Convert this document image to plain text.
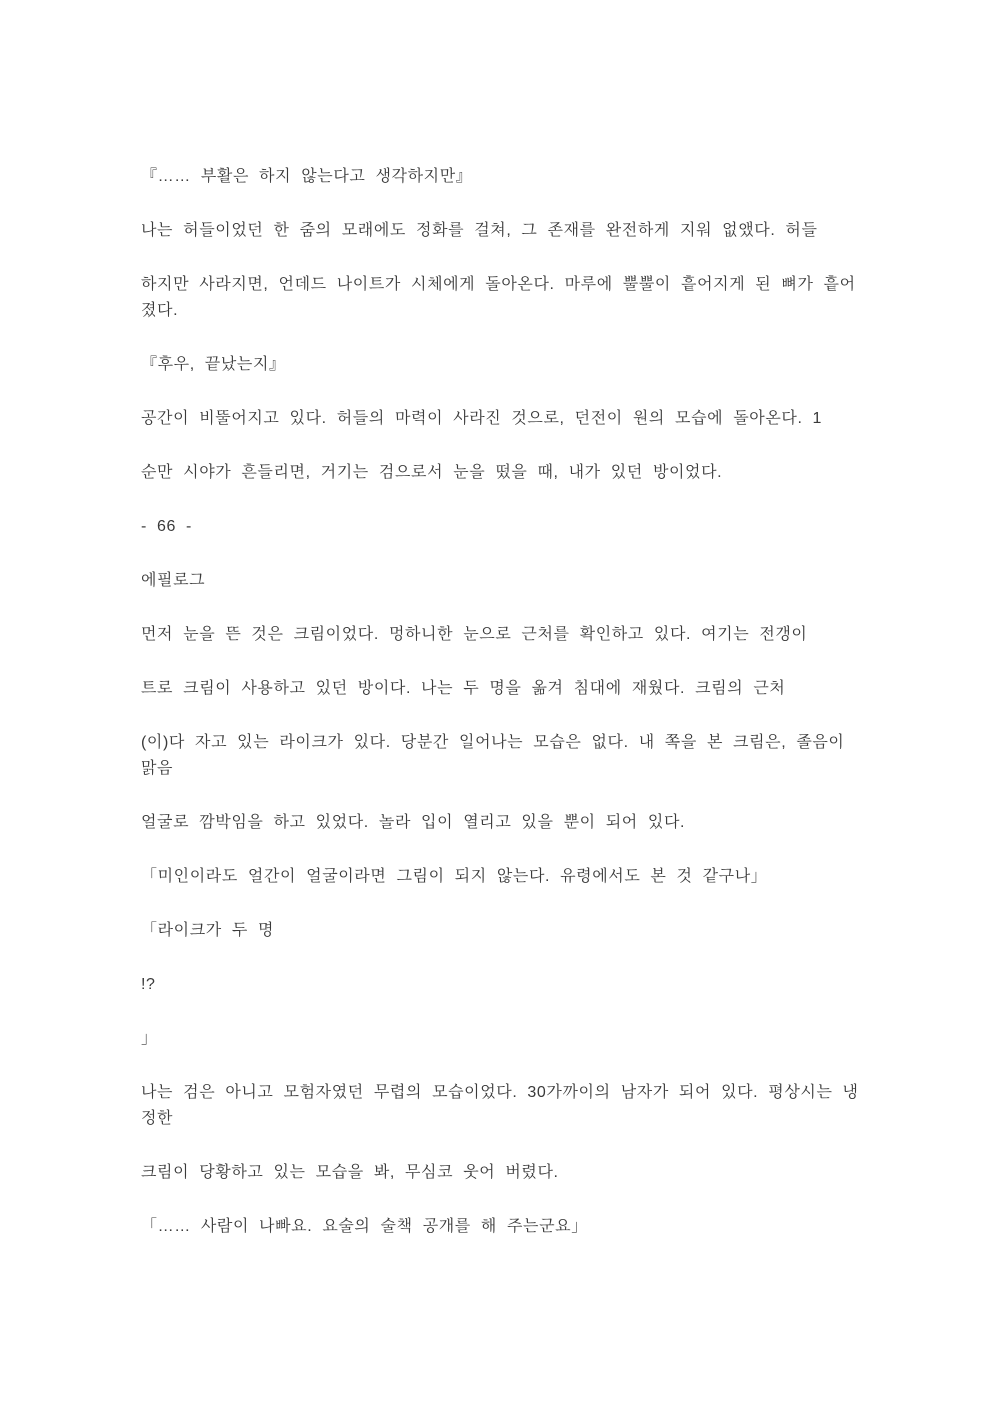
『…… 부활은 하지 않는다고 생각하지만』
나는 허들이었던 한 줌의 모래에도 정화를 걸쳐, 그 존재를 완전하게 지워 없앴다. 허들
하지만 사라지면, 언데드 나이트가 시체에게 돌아온다. 마루에 뿔뿔이 흩어지게 된 뼈가 흩어
졌다.
『후우, 끝났는지』
공간이 비뚤어지고 있다. 허들의 마력이 사라진 것으로, 던전이 원의 모습에 돌아온다. 1
순만 시야가 흔들리면, 거기는 검으로서 눈을 떴을 때, 내가 있던 방이었다.
- 66 -
에필로그
먼저 눈을 뜬 것은 크림이었다. 멍하니한 눈으로 근처를 확인하고 있다. 여기는 전갱이
트로 크림이 사용하고 있던 방이다. 나는 두 명을 옮겨 침대에 재웠다. 크림의 근처
(이)다 자고 있는 라이크가 있다. 당분간 일어나는 모습은 없다. 내 쪽을 본 크림은, 졸음이
맑음
얼굴로 깜박임을 하고 있었다. 놀라 입이 열리고 있을 뿐이 되어 있다.
「미인이라도 얼간이 얼굴이라면 그림이 되지 않는다. 유령에서도 본 것 같구나」
「라이크가 두 명
!?
」
나는 검은 아니고 모험자였던 무렵의 모습이었다. 30가까이의 남자가 되어 있다. 평상시는 냉
정한
크림이 당황하고 있는 모습을 봐, 무심코 웃어 버렸다.
「…… 사람이 나빠요. 요술의 술책 공개를 해 주는군요」
